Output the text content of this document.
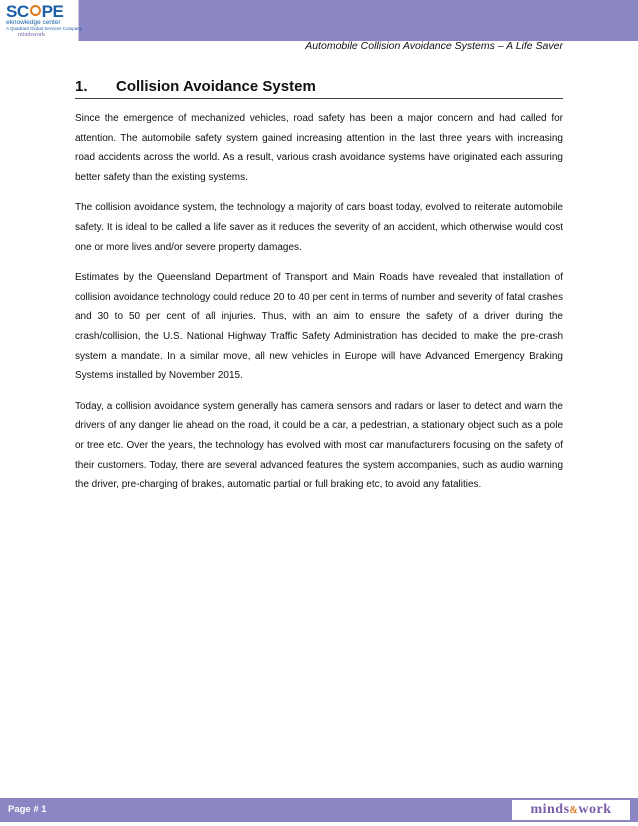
SC PE
eknowledge center
A Quadrant Global Services Company
mindswork
Automobile Collision Avoidance Systems – A Life Saver
1.	Collision Avoidance System

Since the emergence of mechanized vehicles, road safety has been a major concern and had called for attention. The automobile safety system gained increasing attention in the last three years with increasing road accidents across the world. As a result, various crash avoidance systems have originated each assuring better safety than the existing systems.

The collision avoidance system, the technology a majority of cars boast today, evolved to reiterate automobile safety. It is ideal to be called a life saver as it reduces the severity of an accident, which otherwise would cost one or more lives and/or severe property damages.

Estimates by the Queensland Department of Transport and Main Roads have revealed that installation of collision avoidance technology could reduce 20 to 40 per cent in terms of number and severity of fatal crashes and 30 to 50 per cent of all injuries. Thus, with an aim to ensure the safety of a driver during the crash/collision, the U.S. National Highway Traffic Safety Administration has decided to make the pre-crash system a mandate. In a similar move, all new vehicles in Europe will have Advanced Emergency Braking Systems installed by November 2015.

Today, a collision avoidance system generally has camera sensors and radars or laser to detect and warn the drivers of any danger lie ahead on the road, it could be a car, a pedestrian, a stationary object such as a pole or tree etc. Over the years, the technology has evolved with most car manufacturers focusing on the safety of their customers. Today, there are several advanced features the system accompanies, such as audio warning the driver, pre-charging of brakes, automatic partial or full braking etc, to avoid any fatalities.

Page # 1	minds&work
